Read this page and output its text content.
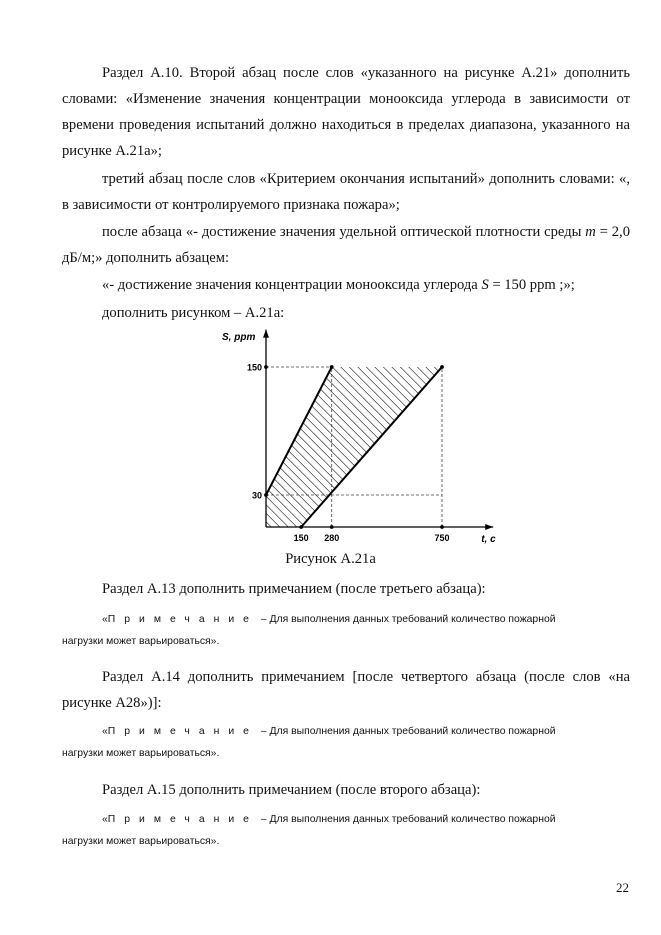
Раздел А.10. Второй абзац после слов «указанного на рисунке А.21» дополнить словами: «Изменение значения концентрации монооксида углерода в зависимости от времени проведения испытаний должно находиться в пределах диапазона, указанного на рисунке А.21а»;
третий абзац после слов «Критерием окончания испытаний» дополнить словами: «, в зависимости от контролируемого признака пожара»;
после абзаца «- достижение значения удельной оптической плотности среды m = 2,0 дБ/м;» дополнить абзацем:
«- достижение значения концентрации монооксида углерода S = 150 ppm ;»;
дополнить рисунком – А.21а:
150 280	750
30
150
S, ppm
t, c
Рисунок А.21а
Раздел А.13 дополнить примечанием (после третьего абзаца):
«Примечание – Для выполнения данных требований количество пожарной
нагрузки может варьироваться».
Раздел А.14 дополнить примечанием [после четвертого абзаца (после слов «на рисунке А28»)]:
«Примечание – Для выполнения данных требований количество пожарной
нагрузки может варьироваться».
Раздел А.15 дополнить примечанием (после второго абзаца):
«Примечание – Для выполнения данных требований количество пожарной
нагрузки может варьироваться».
22
